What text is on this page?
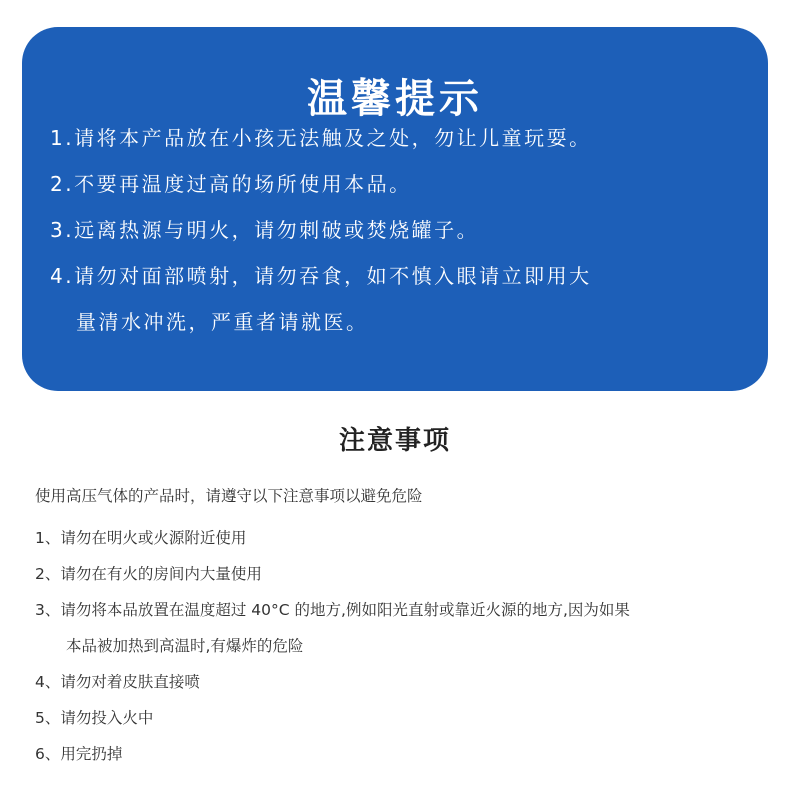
温馨提示
1.请将本产品放在小孩无法触及之处，勿让儿童玩耍。
2.不要再温度过高的场所使用本品。
3.远离热源与明火，请勿刺破或焚烧罐子。
4.请勿对面部喷射，请勿吞食，如不慎入眼请立即用大
量清水冲洗，严重者请就医。
注意事项
使用高压气体的产品时，请遵守以下注意事项以避免危险
1、请勿在明火或火源附近使用
2、请勿在有火的房间内大量使用
3、请勿将本品放置在温度超过 40°C 的地方,例如阳光直射或靠近火源的地方,因为如果
本品被加热到高温时,有爆炸的危险
4、请勿对着皮肤直接喷
5、请勿投入火中
6、用完扔掉
